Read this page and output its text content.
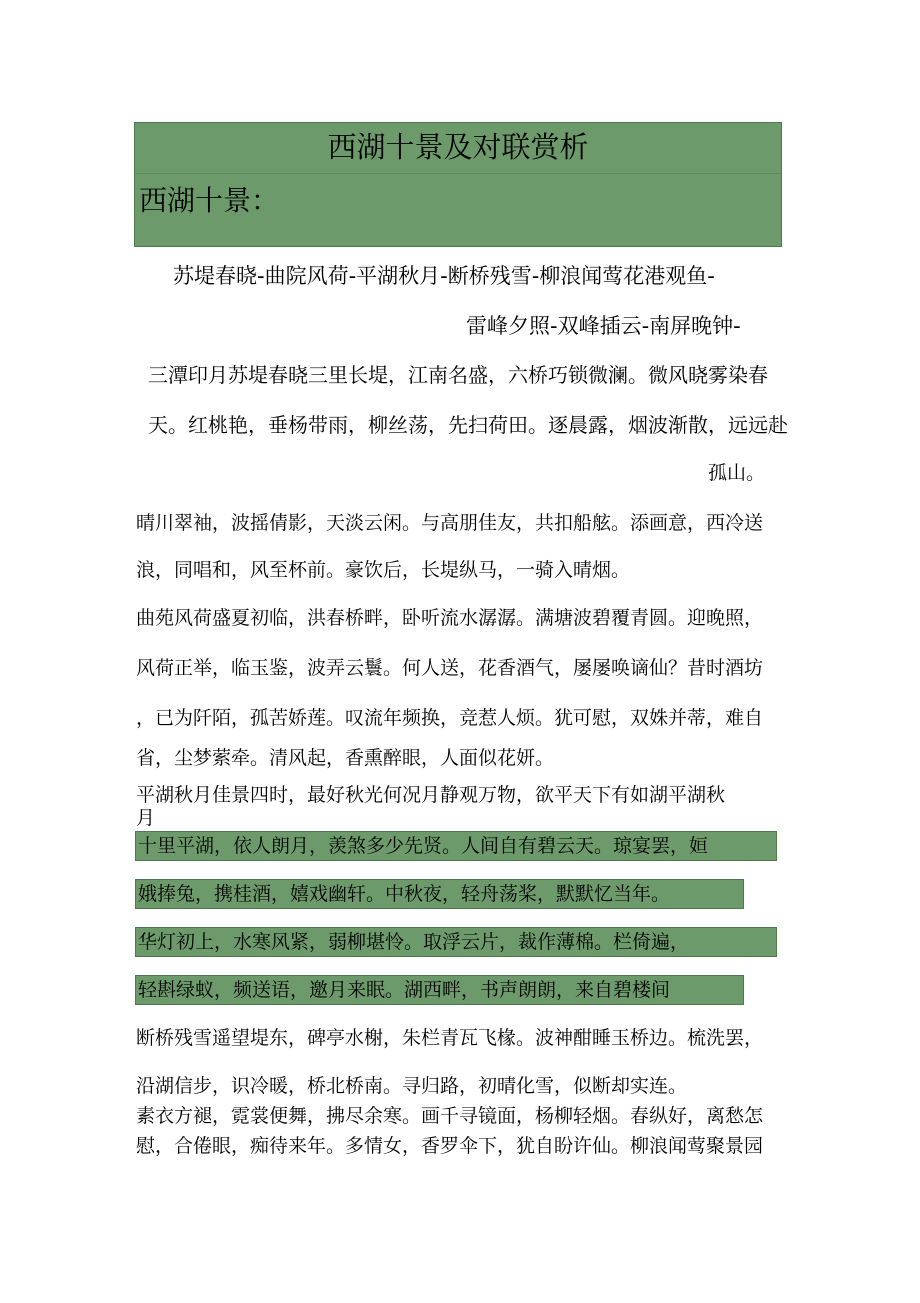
西湖十景及对联赏析
西湖十景：
苏堤春晓-曲院风荷-平湖秋月-断桥残雪-柳浪闻莺花港观鱼-
雷峰夕照-双峰插云-南屏晚钟-
三潭印月苏堤春晓三里长堤，江南名盛，六桥巧锁微澜。微风晓雾染春
天。红桃艳，垂杨带雨，柳丝荡，先扫荷田。逐晨露，烟波渐散，远远赴
孤山。
晴川翠袖，波摇倩影，天淡云闲。与高朋佳友，共扣船舷。添画意，西冷送
浪，同唱和，风至杯前。豪饮后，长堤纵马，一骑入晴烟。
曲苑风荷盛夏初临，洪春桥畔，卧听流水潺潺。满塘波碧覆青圆。迎晚照，
风荷正举，临玉鉴，波弄云鬟。何人送，花香酒气，屡屡唤谪仙？昔时酒坊
，已为阡陌，孤苦娇莲。叹流年频换，竞惹人烦。犹可慰，双姝并蒂，难自
省，尘梦萦牵。清风起，香熏醉眼，人面似花妍。
平湖秋月佳景四时，最好秋光何况月静观万物，欲平天下有如湖平湖秋
月
十里平湖，依人朗月，羡煞多少先贤。人间自有碧云天。琼宴罢，姮
娥捧兔，携桂酒，嬉戏幽轩。中秋夜，轻舟荡桨，默默忆当年。
华灯初上，水寒风紧，弱柳堪怜。取浮云片，裁作薄棉。栏倚遍，
轻斟绿蚁，频送语，邀月来眠。湖西畔，书声朗朗，来自碧楼间
断桥残雪遥望堤东，碑亭水榭，朱栏青瓦飞椽。波神酣睡玉桥边。梳洗罢，
沿湖信步，识冷暖，桥北桥南。寻归路，初晴化雪，似断却实连。
素衣方褪，霓裳便舞，拂尽余寒。画千寻镜面，杨柳轻烟。春纵好，离愁怎
慰，合倦眼，痴待来年。多情女，香罗伞下，犹自盼许仙。柳浪闻莺聚景园
